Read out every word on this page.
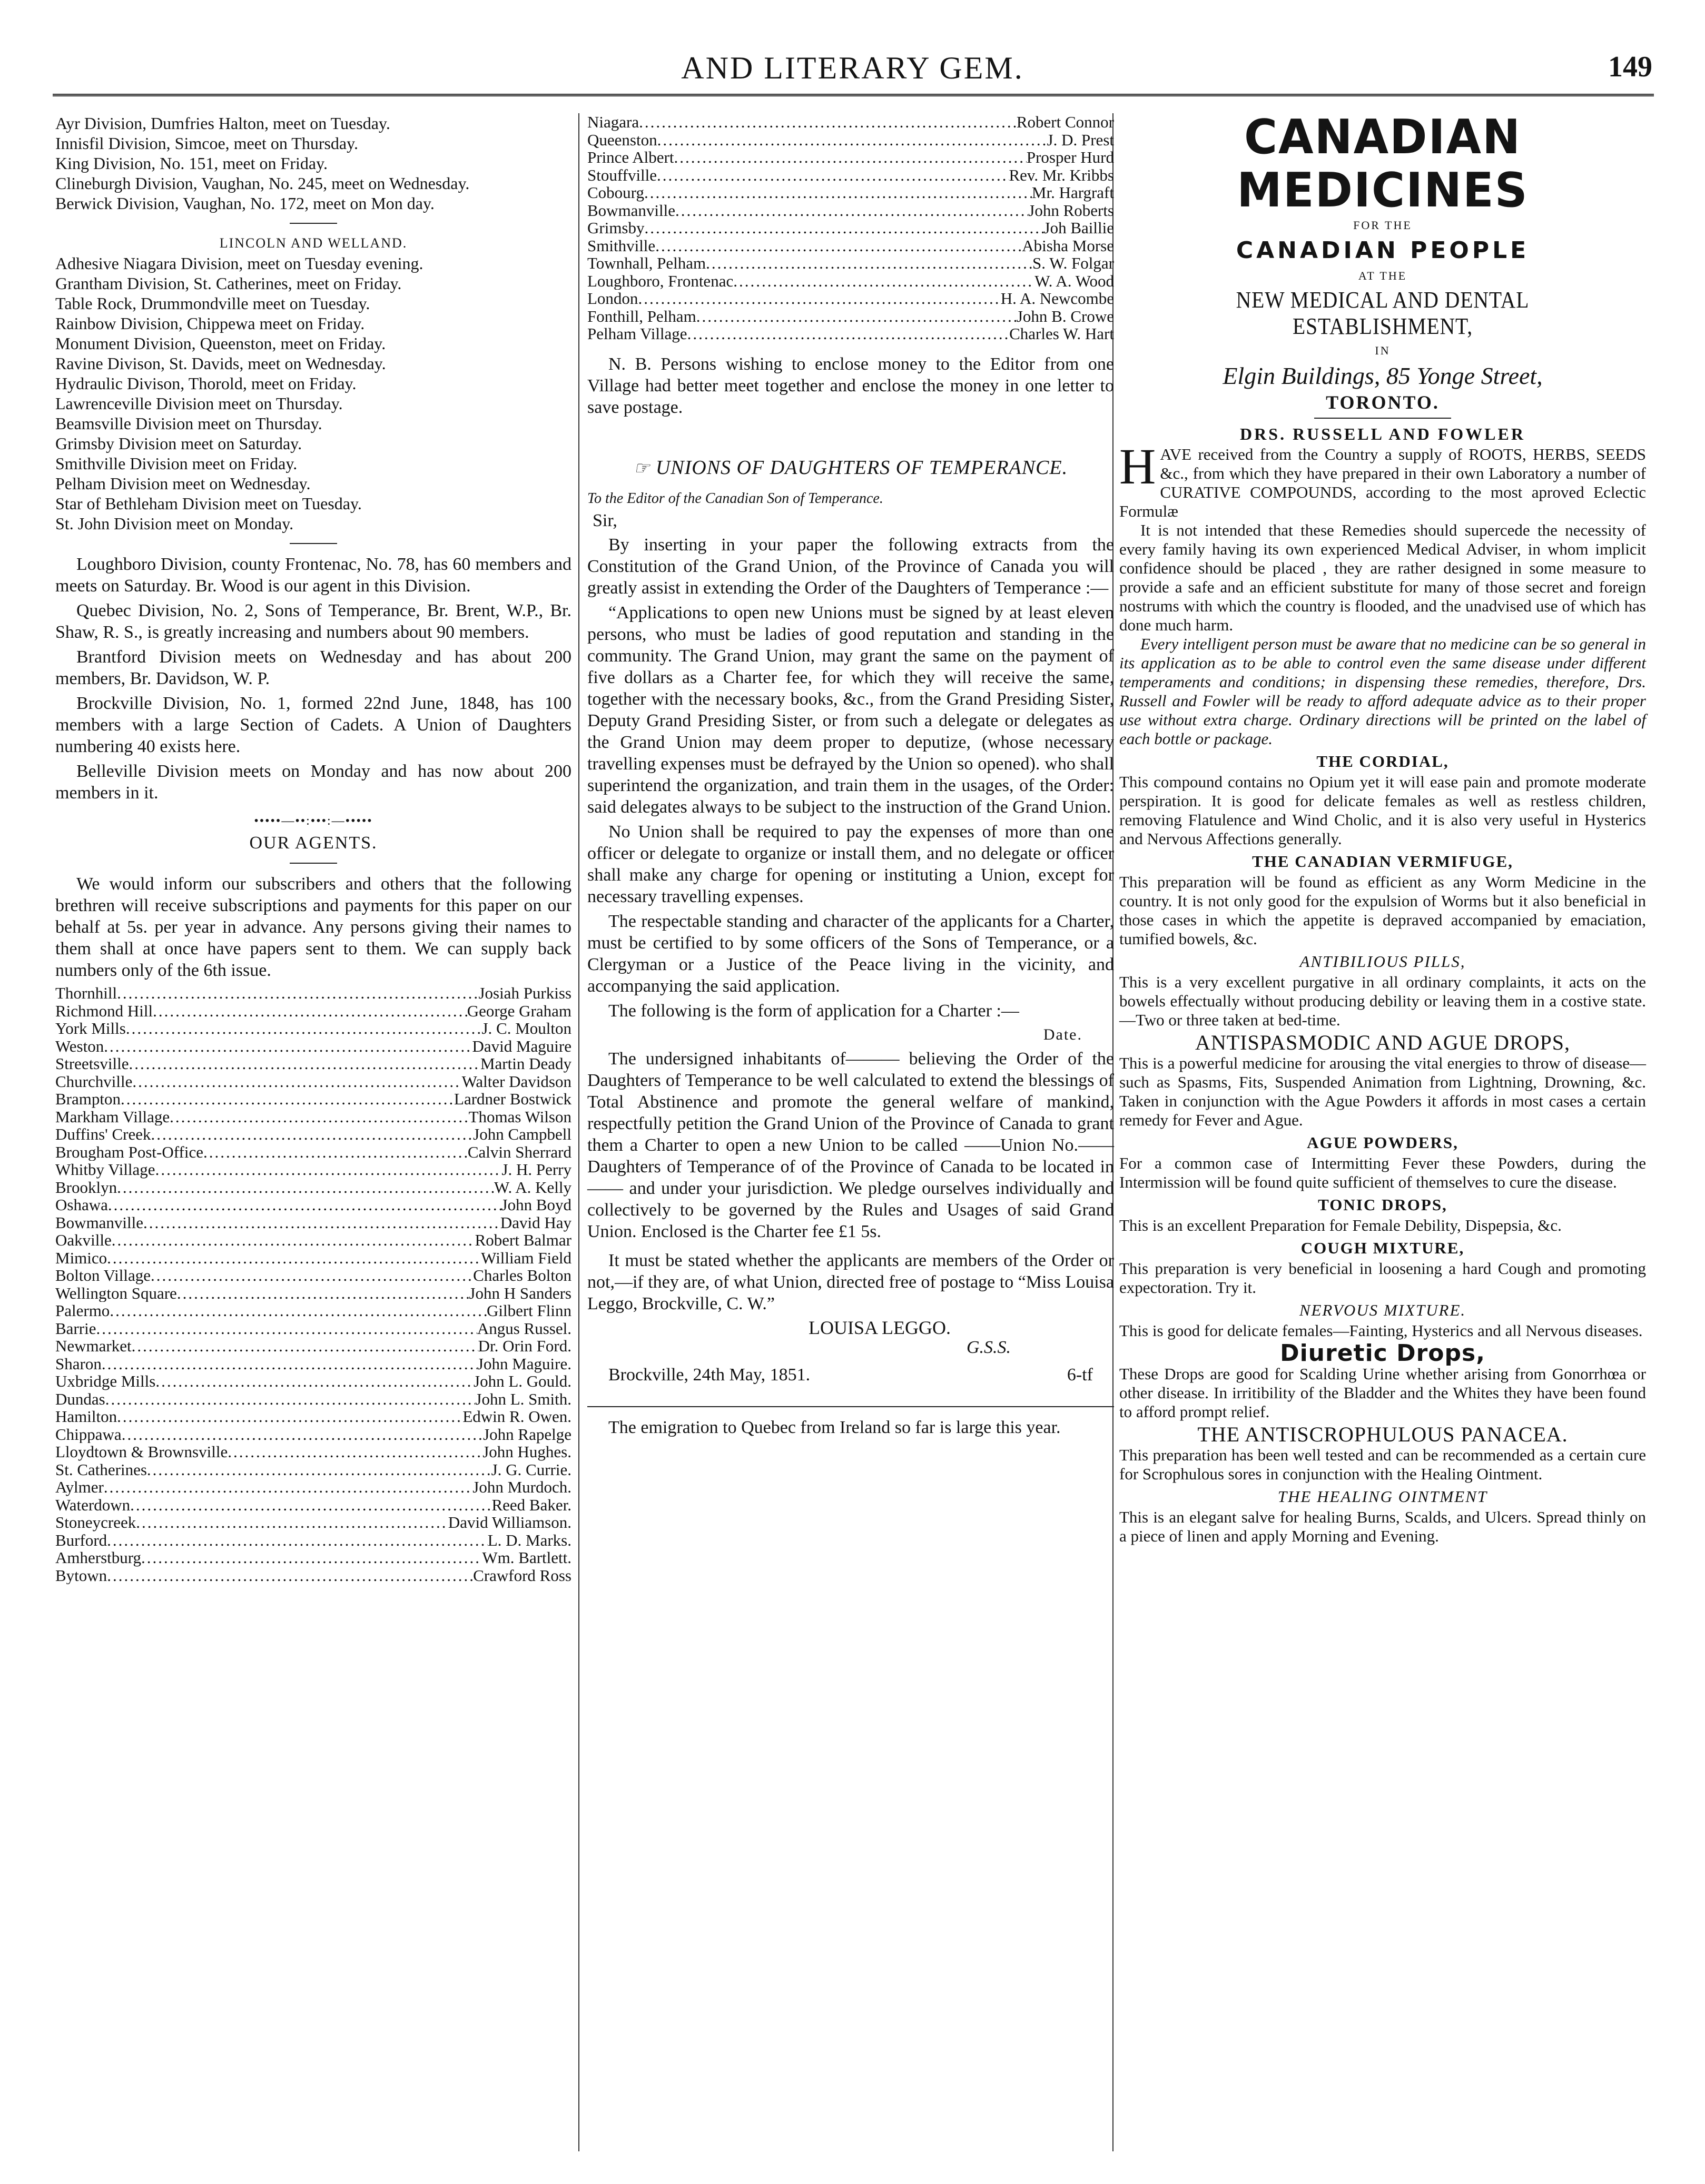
AND LITERARY GEM.	149

Ayr Division, Dumfries Halton, meet on Tuesday.

Innisfil Division, Simcoe, meet on Thursday.

King Division, No. 151, meet on Friday.

Clineburgh Division, Vaughan, No. 245, meet on Wednesday.

Berwick Division, Vaughan, No. 172, meet on Mon day.

LINCOLN AND WELLAND.

Adhesive Niagara Division, meet on Tuesday evening.

Grantham Division, St. Catherines, meet on Friday.

Table Rock, Drummondville meet on Tuesday.

Rainbow Division, Chippewa meet on Friday.

Monument Division, Queenston, meet on Friday.

Ravine Divison, St. Davids, meet on Wednesday.

Hydraulic Divison, Thorold, meet on Friday.

Lawrenceville Division meet on Thursday.

Beamsville Division meet on Thursday.

Grimsby Division meet on Saturday.

Smithville Division meet on Friday.

Pelham Division meet on Wednesday.

Star of Bethleham Division meet on Tuesday.

St. John Division meet on Monday.

Loughboro Division, county Frontenac, No. 78, has 60 members and meets on Saturday. Br. Wood is our agent in this Division.

Quebec Division, No. 2, Sons of Temperance, Br. Brent, W.P., Br. Shaw, R. S., is greatly increasing and numbers about 90 members.

Brantford Division meets on Wednesday and has about 200 members, Br. Davidson, W. P.

Brockville Division, No. 1, formed 22nd June, 1848, has 100 members with a large Section of Cadets. A Union of Daughters numbering 40 exists here.

Belleville Division meets on Monday and has now about 200 members in it.

•••••—••:•••:—•••••
OUR AGENTS.

We would inform our subscribers and others that the following brethren will receive subscriptions and payments for this paper on our behalf at 5s. per year in advance. Any persons giving their names to them shall at once have papers sent to them. We can supply back numbers only of the 6th issue.

Thornhill .....	Josiah Purkiss
Richmond Hill .....	George Graham
York Mills .....	J. C. Moulton
Weston .....	David Maguire
Streetsville .....	Martin Deady
Churchville .....	Walter Davidson
Brampton .....	Lardner Bostwick
Markham Village .....	Thomas Wilson
Duffins' Creek .....	John Campbell
Brougham Post-Office .....	Calvin Sherrard
Whitby Village .....	J. H. Perry
Brooklyn .....	W. A. Kelly
Oshawa .....	John Boyd
Bowmanville .....	David Hay
Oakville .....	Robert Balmar
Mimico .....	William Field
Bolton Village .....	Charles Bolton
Wellington Square .....	John H Sanders
Palermo .....	Gilbert Flinn
Barrie .....	Angus Russel.
Newmarket .....	Dr. Orin Ford.
Sharon .....	John Maguire.
Uxbridge Mills .....	John L. Gould.
Dundas .....	John L. Smith.
Hamilton .....	Edwin R. Owen.
Chippawa .....	John Rapelge
Lloydtown & Brownsville .....	John Hughes.
St. Catherines .....	J. G. Currie.
Aylmer .....	John Murdoch.
Waterdown .....	Reed Baker.
Stoneycreek .....	David Williamson.
Burford .....	L. D. Marks.
Amherstburg .....	Wm. Bartlett.
Bytown .....	Crawford Ross
Niagara .....	Robert Connor
Queenston .....	J. D. Prest
Prince Albert .....	Prosper Hurd
Stouffville .....	Rev. Mr. Kribbs
Cobourg .....	Mr. Hargraft
Bowmanville .....	John Roberts
Grimsby .....	Joh Baillie
Smithville .....	Abisha Morse
Townhall, Pelham .....	S. W. Folgar
Loughboro, Frontenac .....	W. A. Wood
London .....	H. A. Newcombe
Fonthill, Pelham .....	John B. Crowe
Pelham Village .....	Charles W. Hart

N. B. Persons wishing to enclose money to the Editor from one Village had better meet together and enclose the money in one letter to save postage.

☞ UNIONS OF DAUGHTERS OF TEMPERANCE.
To the Editor of the Canadian Son of Temperance.
Sir,

By inserting in your paper the following extracts from the Constitution of the Grand Union, of the Province of Canada you will greatly assist in extending the Order of the Daughters of Temperance :—

“Applications to open new Unions must be signed by at least eleven persons, who must be ladies of good reputation and standing in the community. The Grand Union, may grant the same on the payment of five dollars as a Charter fee, for which they will receive the same, together with the necessary books, &c., from the Grand Presiding Sister, Deputy Grand Presiding Sister, or from such a delegate or delegates as the Grand Union may deem proper to deputize, (whose necessary travelling expenses must be defrayed by the Union so opened). who shall superintend the organization, and train them in the usages, of the Order: said delegates always to be subject to the instruction of the Grand Union.

No Union shall be required to pay the expenses of more than one officer or delegate to organize or install them, and no delegate or officer shall make any charge for opening or instituting a Union, except for necessary travelling expenses.

The respectable standing and character of the applicants for a Charter, must be certified to by some officers of the Sons of Temperance, or a Clergyman or a Justice of the Peace living in the vicinity, and accompanying the said application.

The following is the form of application for a Charter :—

Date.

The undersigned inhabitants of——— believing the Order of the Daughters of Temperance to be well calculated to extend the blessings of Total Abstinence and promote the general welfare of mankind, respectfully petition the Grand Union of the Province of Canada to grant them a Charter to open a new Union to be called ——Union No.——Daughters of Temperance of of the Province of Canada to be located in—— and under your jurisdiction. We pledge ourselves individually and collectively to be governed by the Rules and Usages of said Grand Union. Enclosed is the Charter fee £1 5s.

It must be stated whether the applicants are members of the Order or not,—if they are, of what Union, directed free of postage to “Miss Louisa Leggo, Brockville, C. W.”

LOUISA LEGGO.
G.S.S.
Brockville, 24th May, 1851.	6-tf

The emigration to Quebec from Ireland so far is large this year.

CANADIAN MEDICINES
FOR THE
CANADIAN PEOPLE
AT THE
NEW MEDICAL AND DENTAL ESTABLISHMENT,
IN
Elgin Buildings, 85 Yonge Street,
TORONTO.
DRS. RUSSELL AND FOWLER

HAVE received from the Country a supply of ROOTS, HERBS, SEEDS &c., from which they have prepared in their own Laboratory a number of CURATIVE COMPOUNDS, according to the most aproved Eclectic Formulæ

It is not intended that these Remedies should supercede the necessity of every family having its own experienced Medical Adviser, in whom implicit confidence should be placed , they are rather designed in some measure to provide a safe and an efficient substitute for many of those secret and foreign nostrums with which the country is flooded, and the unadvised use of which has done much harm.

Every intelligent person must be aware that no medicine can be so general in its application as to be able to control even the same disease under different temperaments and conditions; in dispensing these remedies, therefore, Drs. Russell and Fowler will be ready to afford adequate advice as to their proper use without extra charge. Ordinary directions will be printed on the label of each bottle or package.

THE CORDIAL,

This compound contains no Opium yet it will ease pain and promote moderate perspiration. It is good for delicate females as well as restless children, removing Flatulence and Wind Cholic, and it is also very useful in Hysterics and Nervous Affections generally.

THE CANADIAN VERMIFUGE,

This preparation will be found as efficient as any Worm Medicine in the country. It is not only good for the expulsion of Worms but it also beneficial in those cases in which the appetite is depraved accompanied by emaciation, tumified bowels, &c.

ANTIBILIOUS PILLS,

This is a very excellent purgative in all ordinary complaints, it acts on the bowels effectually without producing debility or leaving them in a costive state. —Two or three taken at bed-time.

ANTISPASMODIC AND AGUE DROPS,

This is a powerful medicine for arousing the vital energies to throw of disease—such as Spasms, Fits, Suspended Animation from Lightning, Drowning, &c. Taken in conjunction with the Ague Powders it affords in most cases a certain remedy for Fever and Ague.

AGUE POWDERS,

For a common case of Intermitting Fever these Powders, during the Intermission will be found quite sufficient of themselves to cure the disease.

TONIC DROPS,

This is an excellent Preparation for Female Debility, Dispepsia, &c.

COUGH MIXTURE,

This preparation is very beneficial in loosening a hard Cough and promoting expectoration. Try it.

NERVOUS MIXTURE.

This is good for delicate females—Fainting, Hysterics and all Nervous diseases.

Diuretic Drops,

These Drops are good for Scalding Urine whether arising from Gonorrhœa or other disease. In irritibility of the Bladder and the Whites they have been found to afford prompt relief.

THE ANTISCROPHULOUS PANACEA.

This preparation has been well tested and can be recommended as a certain cure for Scrophulous sores in conjunction with the Healing Ointment.

THE HEALING OINTMENT

This is an elegant salve for healing Burns, Scalds, and Ulcers. Spread thinly on a piece of linen and apply Morning and Evening.
